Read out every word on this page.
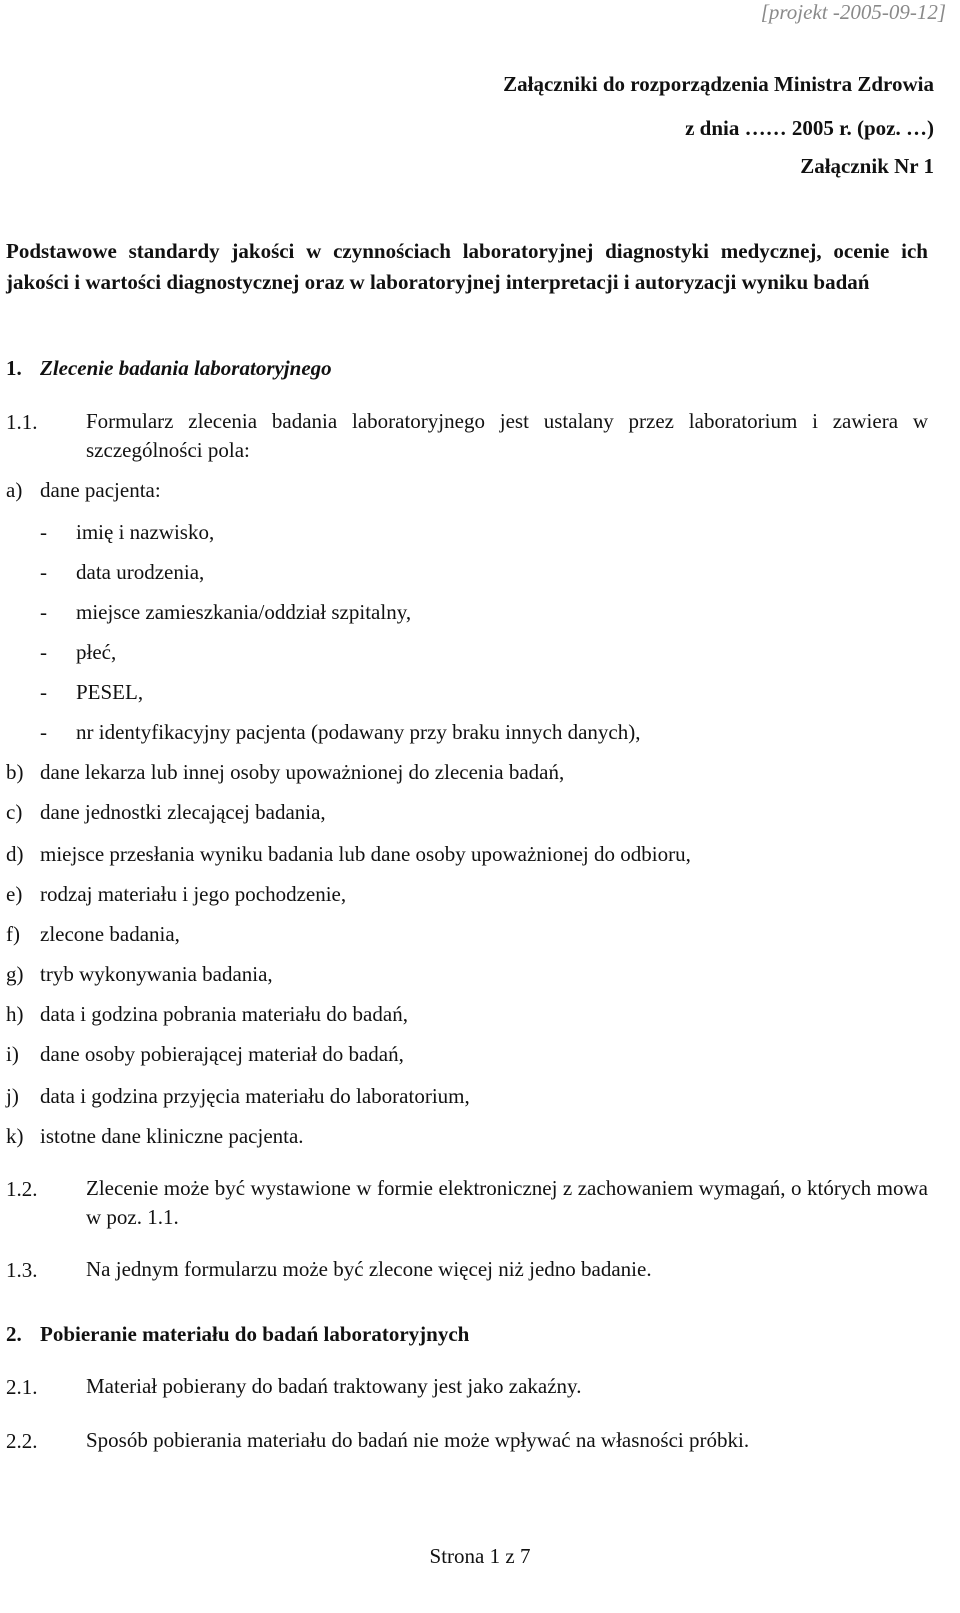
[projekt -2005-09-12]
Załączniki do rozporządzenia Ministra Zdrowia
z dnia …… 2005 r. (poz. …)
Załącznik Nr 1
Podstawowe standardy jakości w czynnościach laboratoryjnej diagnostyki medycznej, ocenie ich jakości i wartości diagnostycznej oraz w laboratoryjnej interpretacji i autoryzacji wyniku badań
1. Zlecenie badania laboratoryjnego
1.1. Formularz zlecenia badania laboratoryjnego jest ustalany przez laboratorium i zawiera w szczególności pola:
a) dane pacjenta:
- imię i nazwisko,
- data urodzenia,
- miejsce zamieszkania/oddział szpitalny,
- płeć,
- PESEL,
- nr identyfikacyjny pacjenta (podawany przy braku innych danych),
b) dane lekarza lub innej osoby upoważnionej do zlecenia badań,
c) dane jednostki zlecającej badania,
d) miejsce przesłania wyniku badania lub dane osoby upoważnionej do odbioru,
e) rodzaj materiału i jego pochodzenie,
f) zlecone badania,
g) tryb wykonywania badania,
h) data i godzina pobrania materiału do badań,
i) dane osoby pobierającej materiał do badań,
j) data i godzina przyjęcia materiału do laboratorium,
k) istotne dane kliniczne pacjenta.
1.2. Zlecenie może być wystawione w formie elektronicznej z zachowaniem wymagań, o których mowa w poz. 1.1.
1.3. Na jednym formularzu może być zlecone więcej niż jedno badanie.
2. Pobieranie materiału do badań laboratoryjnych
2.1. Materiał pobierany do badań traktowany jest jako zakaźny.
2.2. Sposób pobierania materiału do badań nie może wpływać na własności próbki.
Strona 1 z 7
